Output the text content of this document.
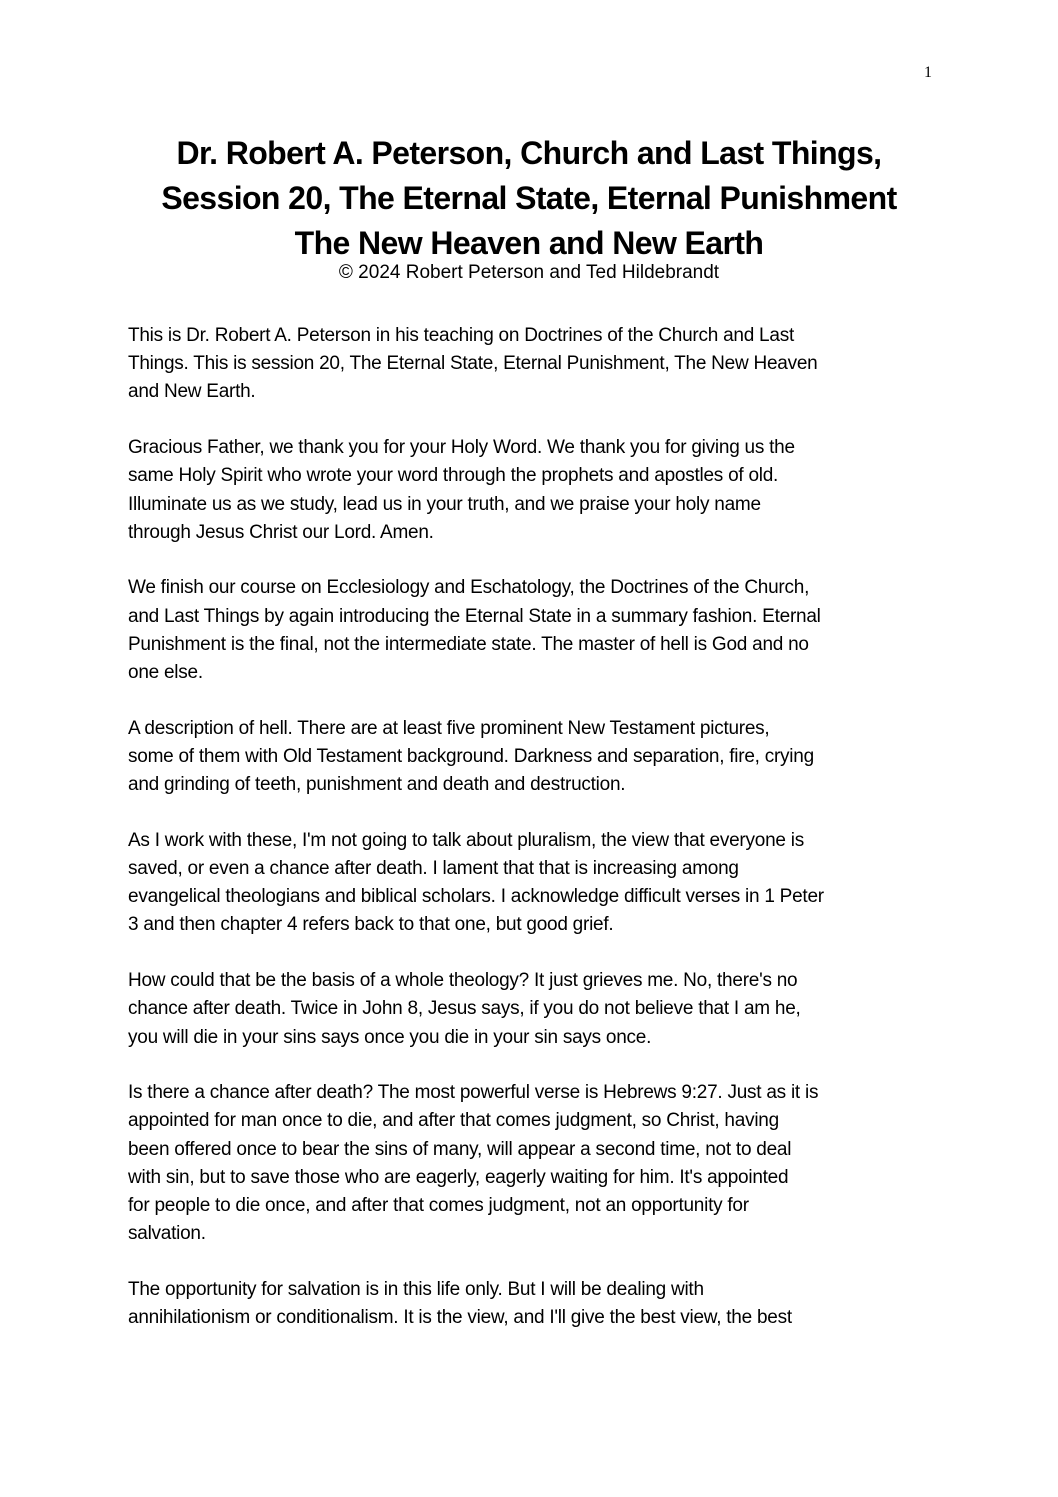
1
Dr. Robert A. Peterson, Church and Last Things,
Session 20, The Eternal State, Eternal Punishment
The New Heaven and New Earth
© 2024 Robert Peterson and Ted Hildebrandt

This is Dr. Robert A. Peterson in his teaching on Doctrines of the Church and Last
Things. This is session 20, The Eternal State, Eternal Punishment, The New Heaven
and New Earth.

Gracious Father, we thank you for your Holy Word. We thank you for giving us the
same Holy Spirit who wrote your word through the prophets and apostles of old.
Illuminate us as we study, lead us in your truth, and we praise your holy name
through Jesus Christ our Lord. Amen.

We finish our course on Ecclesiology and Eschatology, the Doctrines of the Church,
and Last Things by again introducing the Eternal State in a summary fashion. Eternal
Punishment is the final, not the intermediate state. The master of hell is God and no
one else.

A description of hell. There are at least five prominent New Testament pictures,
some of them with Old Testament background. Darkness and separation, fire, crying
and grinding of teeth, punishment and death and destruction.

As I work with these, I'm not going to talk about pluralism, the view that everyone is
saved, or even a chance after death. I lament that that is increasing among
evangelical theologians and biblical scholars. I acknowledge difficult verses in 1 Peter
3 and then chapter 4 refers back to that one, but good grief.

How could that be the basis of a whole theology? It just grieves me. No, there's no
chance after death. Twice in John 8, Jesus says, if you do not believe that I am he,
you will die in your sins says once you die in your sin says once.

Is there a chance after death? The most powerful verse is Hebrews 9:27. Just as it is
appointed for man once to die, and after that comes judgment, so Christ, having
been offered once to bear the sins of many, will appear a second time, not to deal
with sin, but to save those who are eagerly, eagerly waiting for him. It's appointed
for people to die once, and after that comes judgment, not an opportunity for
salvation.

The opportunity for salvation is in this life only. But I will be dealing with
annihilationism or conditionalism. It is the view, and I'll give the best view, the best
